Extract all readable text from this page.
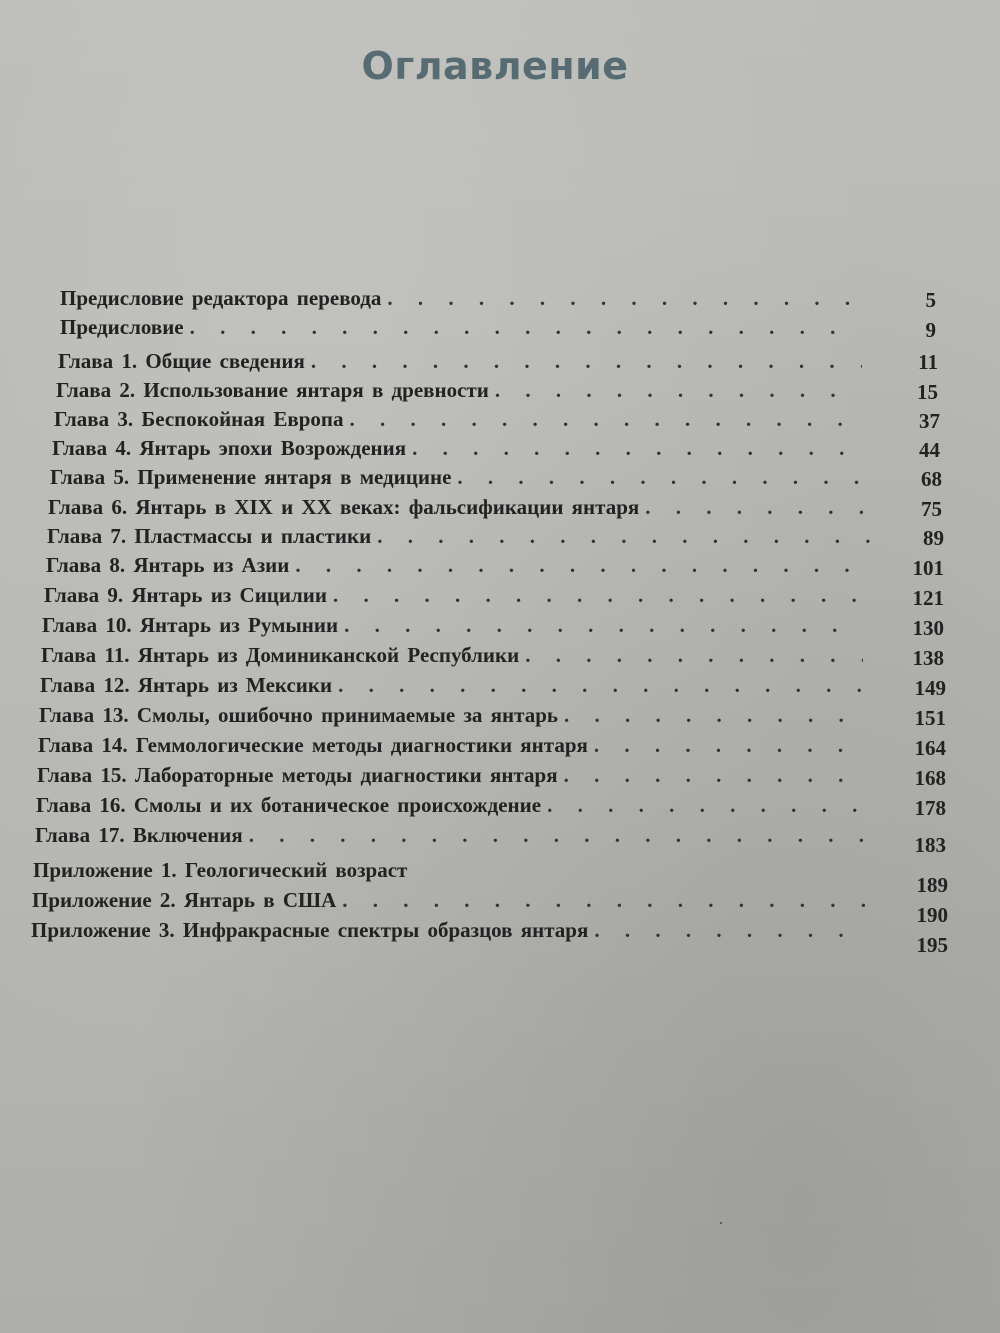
Оглавление
Предисловие редактора перевода
. . .
Предисловие
. . .
Глава 1. Общие сведения
. . .
Глава 2. Использование янтаря в древности
. . .
Глава 3. Беспокойная Европа
. . .
Глава 4. Янтарь эпохи Возрождения
. . .
Глава 5. Применение янтаря в медицине
. . .
Глава 6. Янтарь в XIX и XX веках: фальсификации янтаря
. . .
Глава 7. Пластмассы и пластики
. . .
Глава 8. Янтарь из Азии
. . .
Глава 9. Янтарь из Сицилии
. . .
Глава 10. Янтарь из Румынии
. . .
Глава 11. Янтарь из Доминиканской Республики
. . .
Глава 12. Янтарь из Мексики
. . .
Глава 13. Смолы, ошибочно принимаемые за янтарь
. . .
Глава 14. Геммологические методы диагностики янтаря
. . .
Глава 15. Лабораторные методы диагностики янтаря
. . .
Глава 16. Смолы и их ботаническое происхождение
. . .
Глава 17. Включения
. . .
Приложение 1. Геологический возраст
Приложение 2. Янтарь в США
. . .
Приложение 3. Инфракрасные спектры образцов янтаря
. . .
5
9
11
15
37
44
68
75
89
101
121
130
138
149
151
164
168
178
183
189
190
195
